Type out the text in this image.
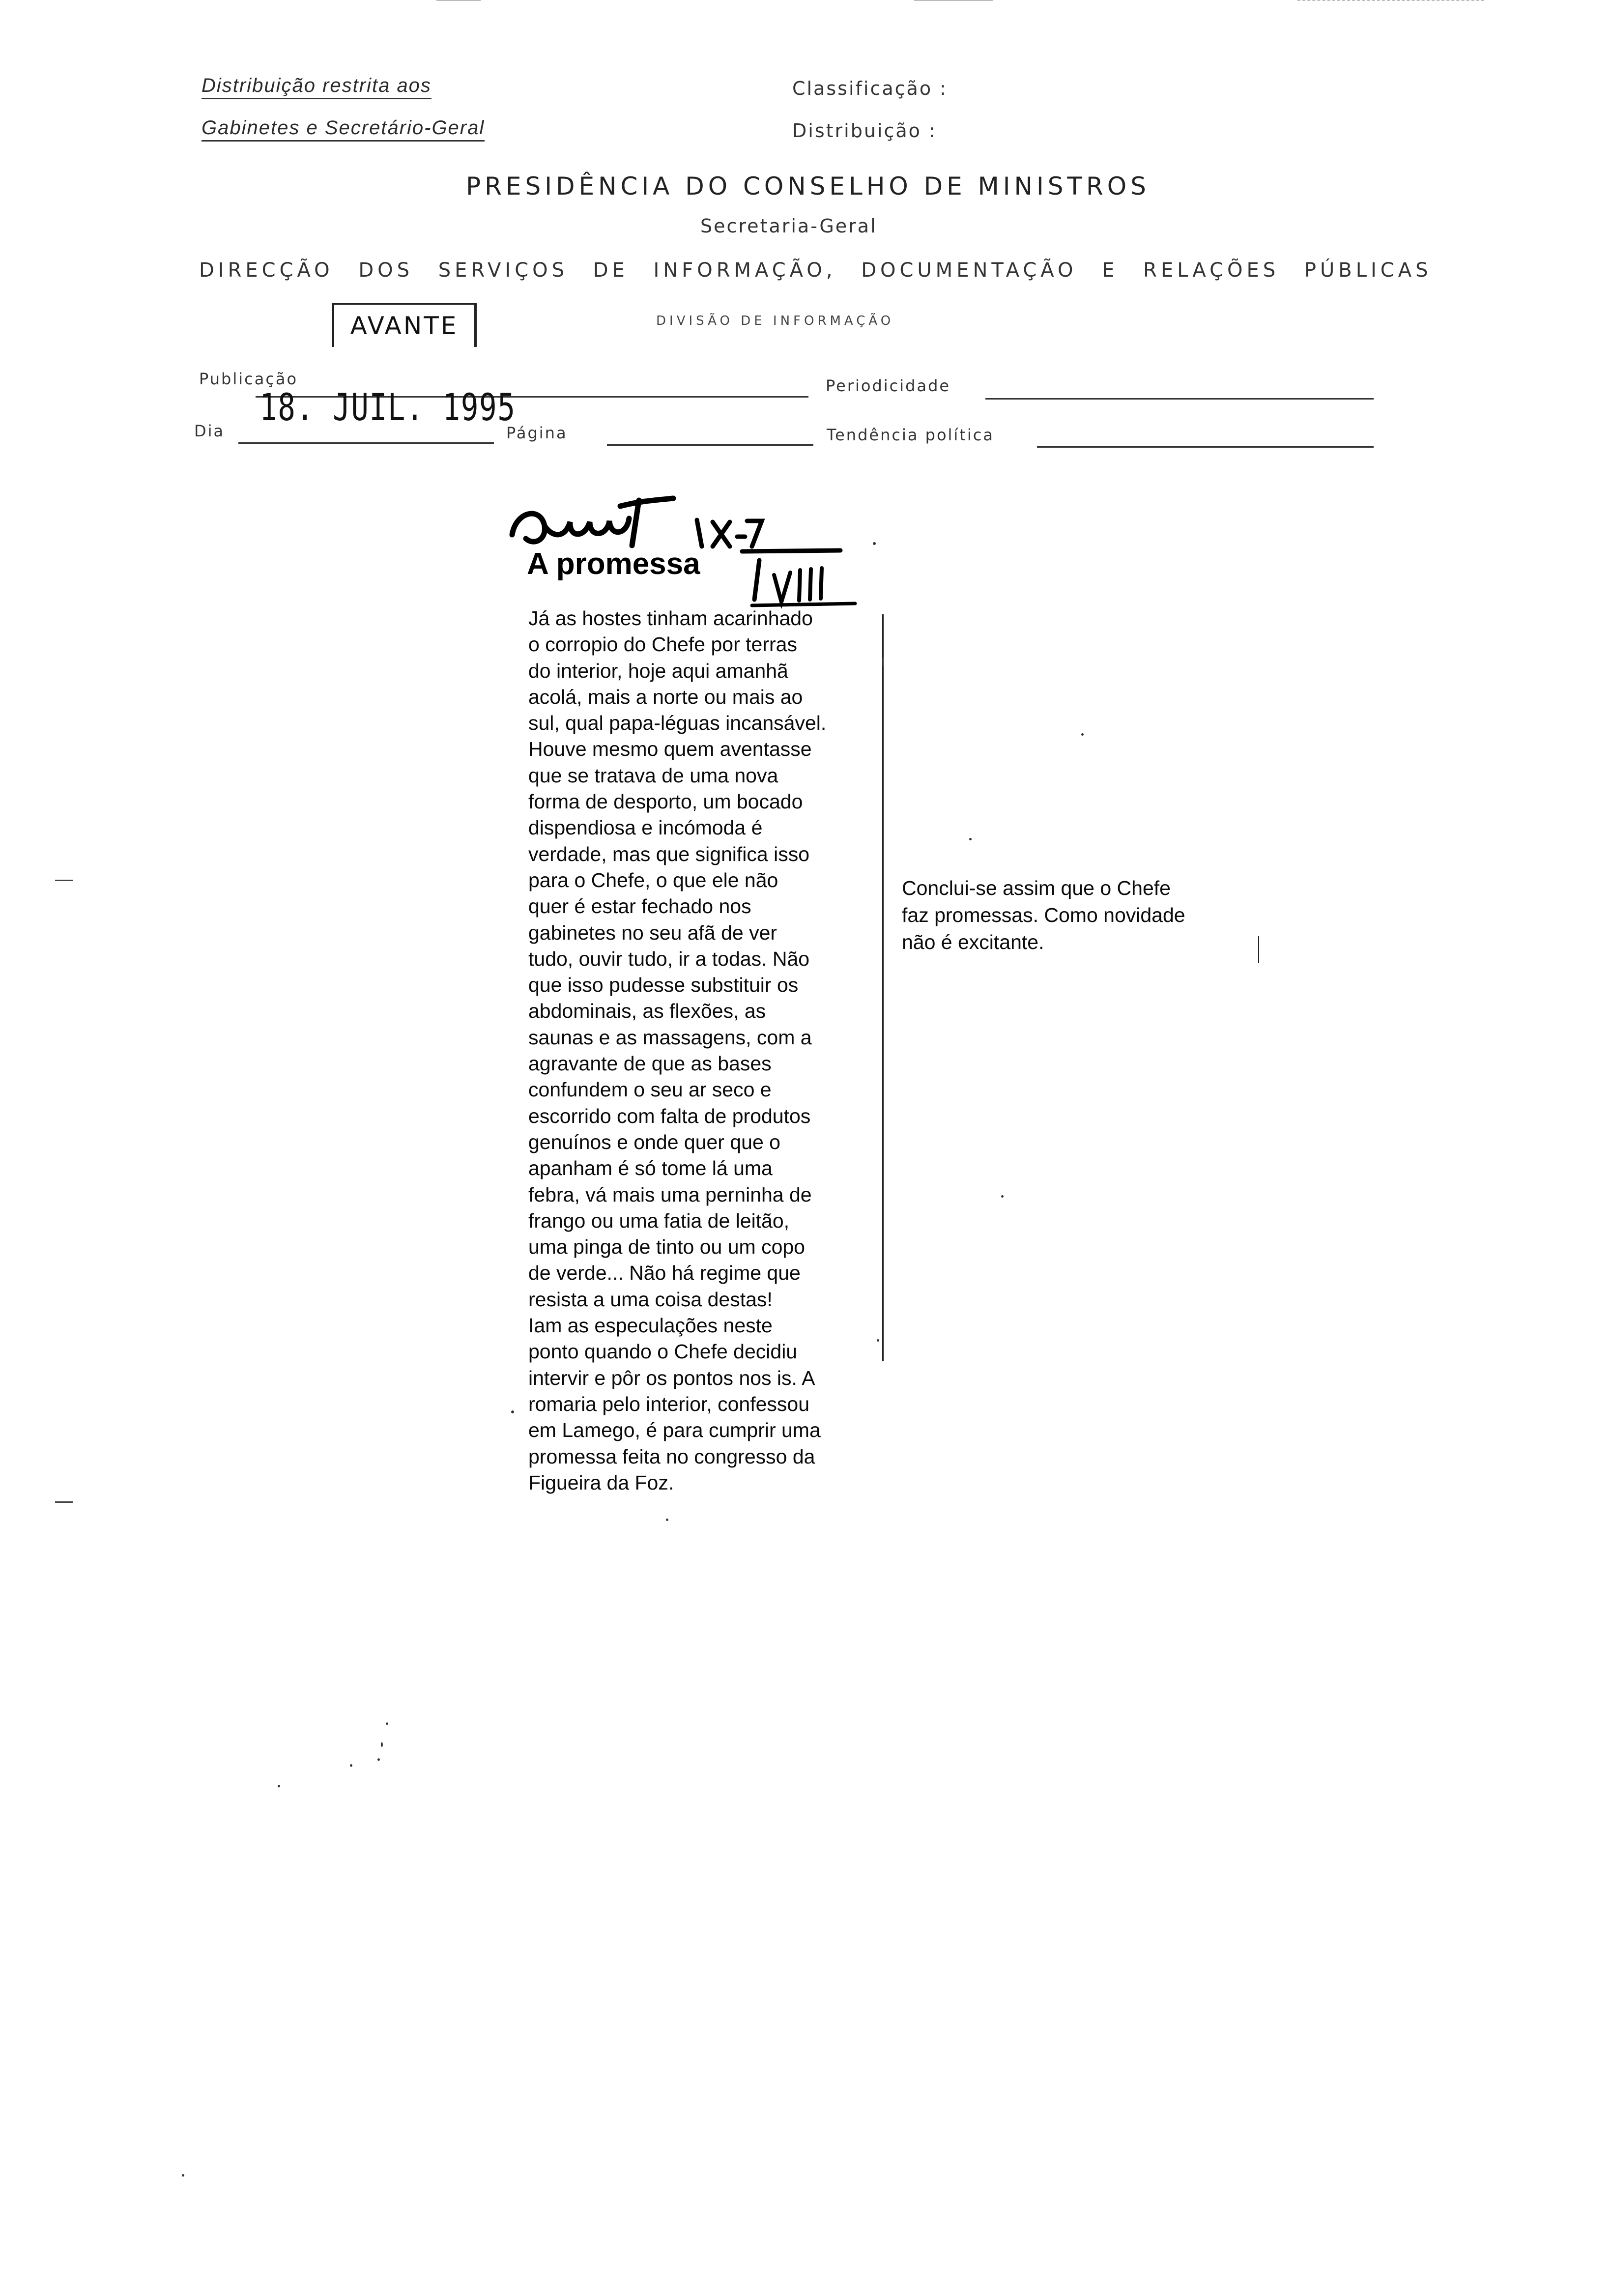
Distribuição restrita aos
Gabinetes e Secretário-Geral
Classificação :
Distribuição :
PRESIDÊNCIA DO CONSELHO DE MINISTROS
Secretaria-Geral
DIRECÇÃO DOS SERVIÇOS DE INFORMAÇÃO, DOCUMENTAÇÃO E RELAÇÕES PÚBLICAS
DIVISÃO DE INFORMAÇÃO
AVANTE
Publicação	Periodicidade
18. JUIL. 1995
Dia	Página	Tendência política
A promessa
Já as hostes tinham acarinhado
o corropio do Chefe por terras
do interior, hoje aqui amanhã
acolá, mais a norte ou mais ao
sul, qual papa-léguas incansável.
Houve mesmo quem aventasse
que se tratava de uma nova
forma de desporto, um bocado
dispendiosa e incómoda é
verdade, mas que significa isso
para o Chefe, o que ele não
quer é estar fechado nos
gabinetes no seu afã de ver
tudo, ouvir tudo, ir a todas. Não
que isso pudesse substituir os
abdominais, as flexões, as
saunas e as massagens, com a
agravante de que as bases
confundem o seu ar seco e
escorrido com falta de produtos
genuínos e onde quer que o
apanham é só tome lá uma
febra, vá mais uma perninha de
frango ou uma fatia de leitão,
uma pinga de tinto ou um copo
de verde... Não há regime que
resista a uma coisa destas!
Iam as especulações neste
ponto quando o Chefe decidiu
intervir e pôr os pontos nos is. A
romaria pelo interior, confessou
em Lamego, é para cumprir uma
promessa feita no congresso da
Figueira da Foz.
Conclui-se assim que o Chefe
faz promessas. Como novidade
não é excitante.
